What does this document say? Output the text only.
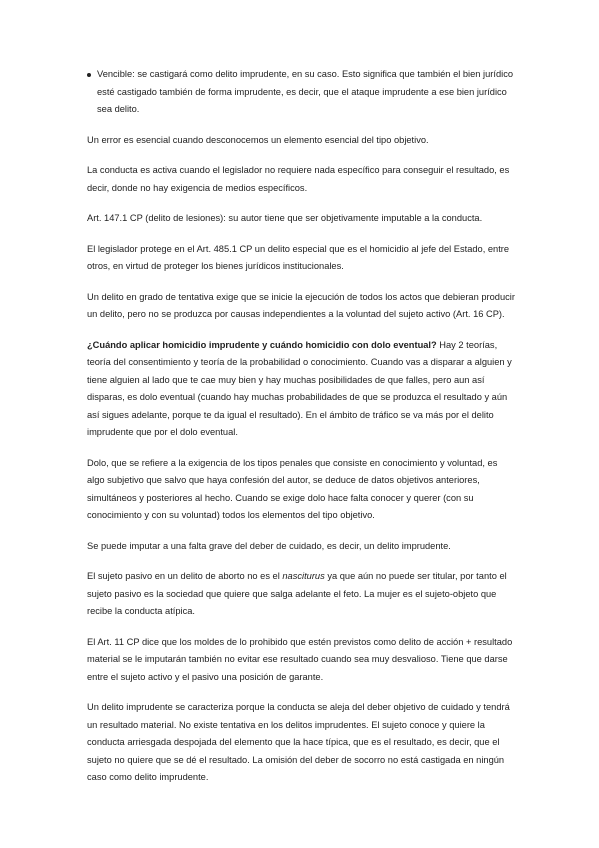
Vencible: se castigará como delito imprudente, en su caso. Esto significa que también el bien jurídico esté castigado también de forma imprudente, es decir, que el ataque imprudente a ese bien jurídico sea delito.

Un error es esencial cuando desconocemos un elemento esencial del tipo objetivo.

La conducta es activa cuando el legislador no requiere nada específico para conseguir el resultado, es decir, donde no hay exigencia de medios específicos.

Art. 147.1 CP (delito de lesiones): su autor tiene que ser objetivamente imputable a la conducta.

El legislador protege en el Art. 485.1 CP un delito especial que es el homicidio al jefe del Estado, entre otros, en virtud de proteger los bienes jurídicos institucionales.

Un delito en grado de tentativa exige que se inicie la ejecución de todos los actos que debieran producir un delito, pero no se produzca por causas independientes a la voluntad del sujeto activo (Art. 16 CP).

¿Cuándo aplicar homicidio imprudente y cuándo homicidio con dolo eventual? Hay 2 teorías, teoría del consentimiento y teoría de la probabilidad o conocimiento. Cuando vas a disparar a alguien y tiene alguien al lado que te cae muy bien y hay muchas posibilidades de que falles, pero aun así disparas, es dolo eventual (cuando hay muchas probabilidades de que se produzca el resultado y aún así sigues adelante, porque te da igual el resultado). En el ámbito de tráfico se va más por el delito imprudente que por el dolo eventual.

Dolo, que se refiere a la exigencia de los tipos penales que consiste en conocimiento y voluntad, es algo subjetivo que salvo que haya confesión del autor, se deduce de datos objetivos anteriores, simultáneos y posteriores al hecho. Cuando se exige dolo hace falta conocer y querer (con su conocimiento y con su voluntad) todos los elementos del tipo objetivo.

Se puede imputar a una falta grave del deber de cuidado, es decir, un delito imprudente.

El sujeto pasivo en un delito de aborto no es el nasciturus ya que aún no puede ser titular, por tanto el sujeto pasivo es la sociedad que quiere que salga adelante el feto. La mujer es el sujeto-objeto que recibe la conducta atípica.

El Art. 11 CP dice que los moldes de lo prohibido que estén previstos como delito de acción + resultado material se le imputarán también no evitar ese resultado cuando sea muy desvalioso. Tiene que darse entre el sujeto activo y el pasivo una posición de garante.

Un delito imprudente se caracteriza porque la conducta se aleja del deber objetivo de cuidado y tendrá un resultado material. No existe tentativa en los delitos imprudentes. El sujeto conoce y quiere la conducta arriesgada despojada del elemento que la hace típica, que es el resultado, es decir, que el sujeto no quiere que se dé el resultado. La omisión del deber de socorro no está castigada en ningún caso como delito imprudente.
